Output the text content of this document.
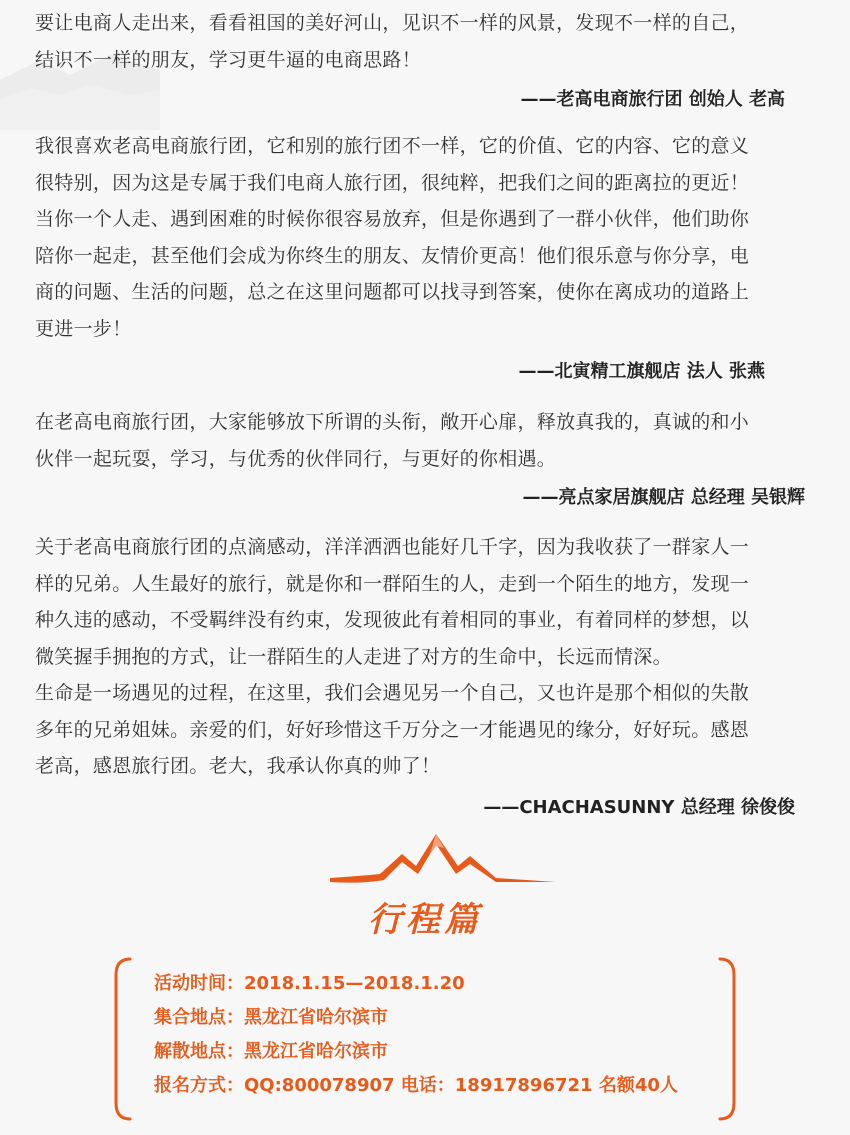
要让电商人走出来，看看祖国的美好河山，见识不一样的风景，发现不一样的自己，
结识不一样的朋友，学习更牛逼的电商思路！

——老高电商旅行团 创始人 老高

我很喜欢老高电商旅行团，它和别的旅行团不一样，它的价值、它的内容、它的意义
很特别，因为这是专属于我们电商人旅行团，很纯粹，把我们之间的距离拉的更近！
当你一个人走、遇到困难的时候你很容易放弃，但是你遇到了一群小伙伴，他们助你
陪你一起走，甚至他们会成为你终生的朋友、友情价更高！他们很乐意与你分享，电
商的问题、生活的问题，总之在这里问题都可以找寻到答案，使你在离成功的道路上
更进一步！

——北寅精工旗舰店 法人 张燕

在老高电商旅行团，大家能够放下所谓的头衔，敞开心扉，释放真我的，真诚的和小
伙伴一起玩耍，学习，与优秀的伙伴同行，与更好的你相遇。

——亮点家居旗舰店 总经理 吴银辉

关于老高电商旅行团的点滴感动，洋洋洒洒也能好几千字，因为我收获了一群家人一
样的兄弟。人生最好的旅行，就是你和一群陌生的人，走到一个陌生的地方，发现一
种久违的感动，不受羁绊没有约束，发现彼此有着相同的事业，有着同样的梦想，以
微笑握手拥抱的方式，让一群陌生的人走进了对方的生命中，长远而情深。
生命是一场遇见的过程，在这里，我们会遇见另一个自己，又也许是那个相似的失散
多年的兄弟姐妹。亲爱的们，好好珍惜这千万分之一才能遇见的缘分，好好玩。感恩
老高，感恩旅行团。老大，我承认你真的帅了！

——CHACHASUNNY 总经理 徐俊俊

行程篇
活动时间：2018.1.15—2018.1.20
集合地点：黑龙江省哈尔滨市
解散地点：黑龙江省哈尔滨市
报名方式：QQ:800078907 电话：18917896721 名额40人
